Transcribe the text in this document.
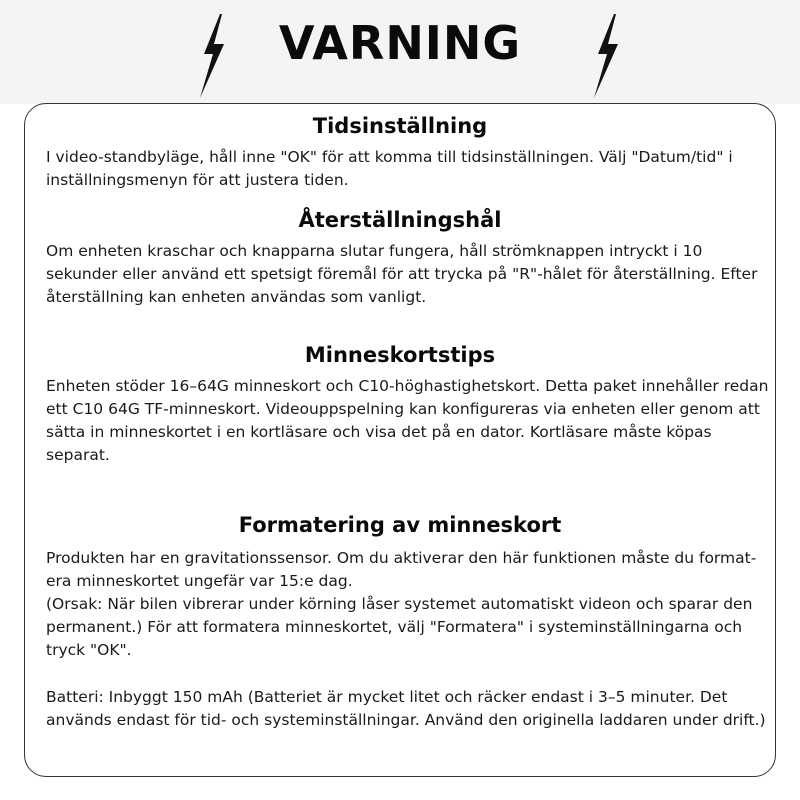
VARNING
Tidsinställning
I video-standbyläge, håll inne "OK" för att komma till tidsinställningen. Välj "Datum/tid" i
inställningsmenyn för att justera tiden.
Återställningshål
Om enheten kraschar och knapparna slutar fungera, håll strömknappen intryckt i 10
sekunder eller använd ett spetsigt föremål för att trycka på "R"-hålet för återställning. Efter
återställning kan enheten användas som vanligt.
Minneskortstips
Enheten stöder 16–64G minneskort och C10-höghastighetskort. Detta paket innehåller redan
ett C10 64G TF-minneskort. Videouppspelning kan konfigureras via enheten eller genom att
sätta in minneskortet i en kortläsare och visa det på en dator. Kortläsare måste köpas
separat.
Formatering av minneskort
Produkten har en gravitationssensor. Om du aktiverar den här funktionen måste du format-
era minneskortet ungefär var 15:e dag.
(Orsak: När bilen vibrerar under körning låser systemet automatiskt videon och sparar den
permanent.) För att formatera minneskortet, välj "Formatera" i systeminställningarna och
tryck "OK".
Batteri: Inbyggt 150 mAh (Batteriet är mycket litet och räcker endast i 3–5 minuter. Det
används endast för tid- och systeminställningar. Använd den originella laddaren under drift.)
